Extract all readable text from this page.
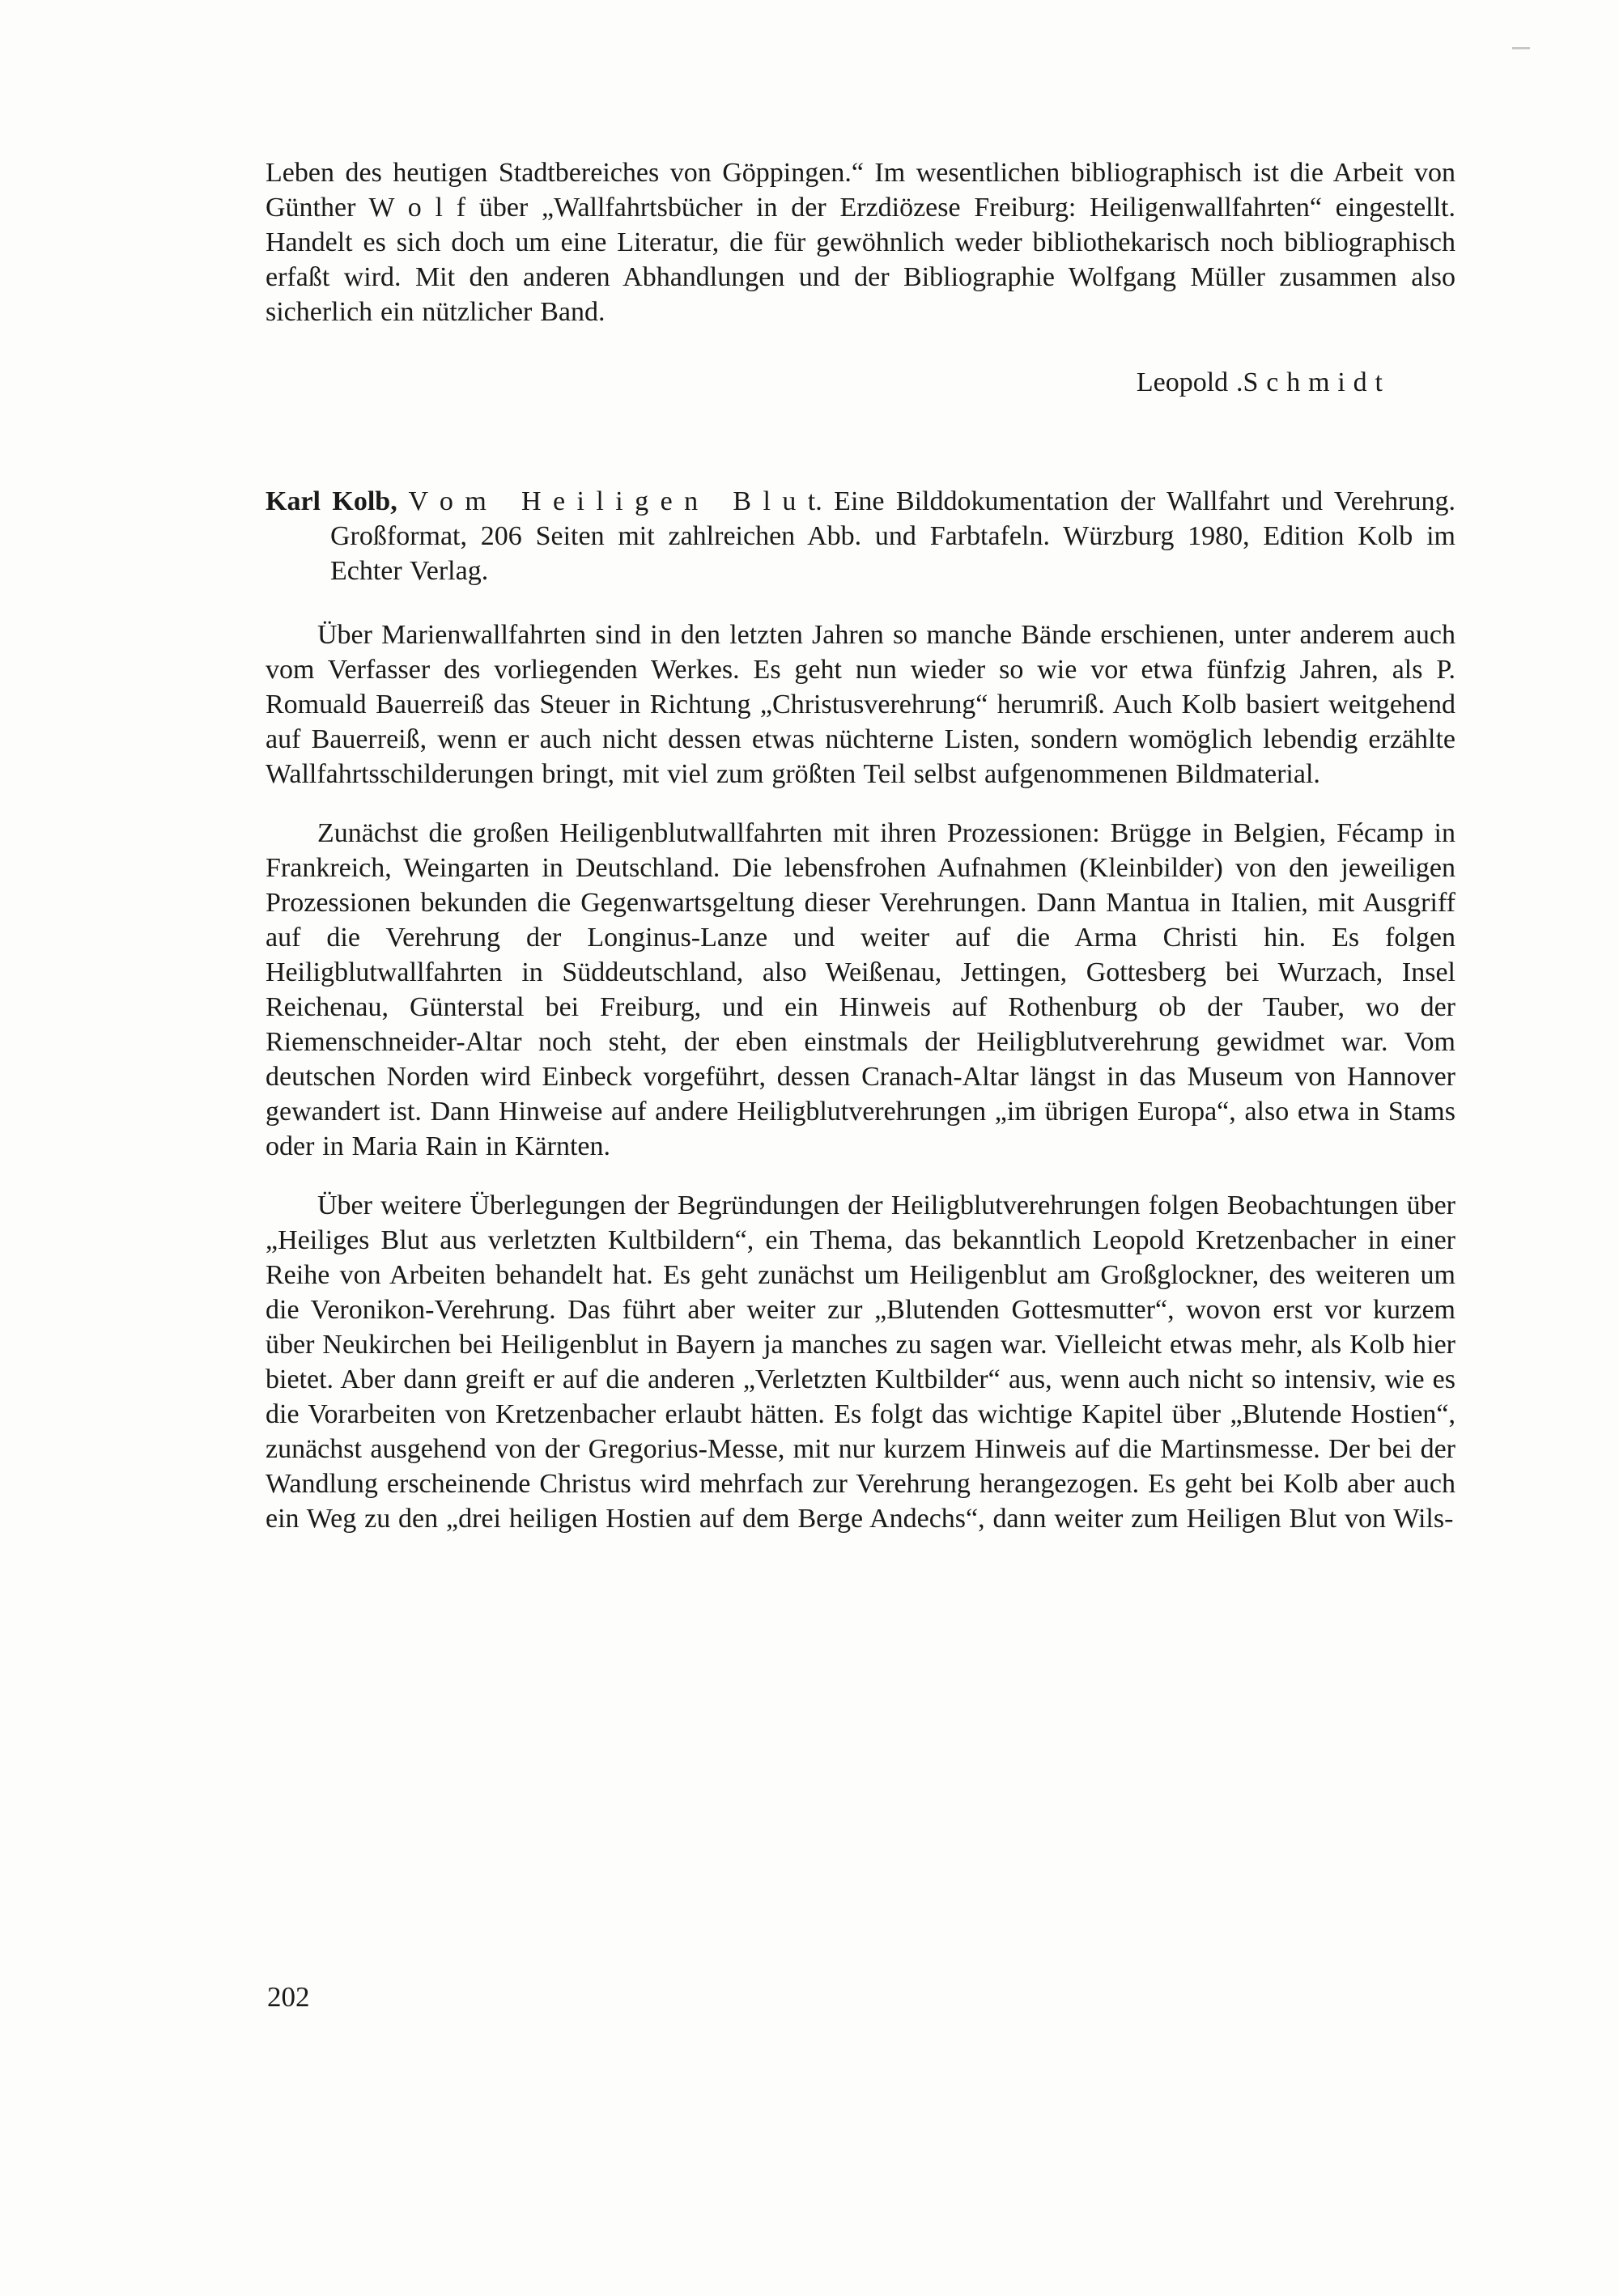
Leben des heutigen Stadtbereiches von Göppingen.“ Im wesentlichen bibliographisch ist die Arbeit von Günther W o l f über „Wallfahrtsbücher in der Erzdiözese Freiburg: Heiligenwallfahrten“ eingestellt. Handelt es sich doch um eine Literatur, die für gewöhnlich weder bibliothekarisch noch bibliographisch erfaßt wird. Mit den anderen Abhandlungen und der Bibliographie Wolfgang Müller zusammen also sicherlich ein nützlicher Band.

Leopold .S c h m i d t

Karl Kolb, V o m   H e i l i g e n   B l u t. Eine Bilddokumentation der Wallfahrt und Verehrung. Großformat, 206 Seiten mit zahlreichen Abb. und Farbtafeln. Würzburg 1980, Edition Kolb im Echter Verlag.

Über Marienwallfahrten sind in den letzten Jahren so manche Bände erschienen, unter anderem auch vom Verfasser des vorliegenden Werkes. Es geht nun wieder so wie vor etwa fünfzig Jahren, als P. Romuald Bauerreiß das Steuer in Richtung „Christusverehrung“ herumriß. Auch Kolb basiert weitgehend auf Bauerreiß, wenn er auch nicht dessen etwas nüchterne Listen, sondern womöglich lebendig erzählte Wallfahrtsschilderungen bringt, mit viel zum größten Teil selbst aufgenommenen Bildmaterial.

Zunächst die großen Heiligenblutwallfahrten mit ihren Prozessionen: Brügge in Belgien, Fécamp in Frankreich, Weingarten in Deutschland. Die lebensfrohen Aufnahmen (Kleinbilder) von den jeweiligen Prozessionen bekunden die Gegenwartsgeltung dieser Verehrungen. Dann Mantua in Italien, mit Ausgriff auf die Verehrung der Longinus-Lanze und weiter auf die Arma Christi hin. Es folgen Heiligblutwallfahrten in Süddeutschland, also Weißenau, Jettingen, Gottesberg bei Wurzach, Insel Reichenau, Günterstal bei Freiburg, und ein Hinweis auf Rothenburg ob der Tauber, wo der Riemenschneider-Altar noch steht, der eben einstmals der Heiligblutverehrung gewidmet war. Vom deutschen Norden wird Einbeck vorgeführt, dessen Cranach-Altar längst in das Museum von Hannover gewandert ist. Dann Hinweise auf andere Heiligblutverehrungen „im übrigen Europa“, also etwa in Stams oder in Maria Rain in Kärnten.

Über weitere Überlegungen der Begründungen der Heiligblutverehrungen folgen Beobachtungen über „Heiliges Blut aus verletzten Kultbildern“, ein Thema, das bekanntlich Leopold Kretzenbacher in einer Reihe von Arbeiten behandelt hat. Es geht zunächst um Heiligenblut am Großglockner, des weiteren um die Veronikon-Verehrung. Das führt aber weiter zur „Blutenden Gottesmutter“, wovon erst vor kurzem über Neukirchen bei Heiligenblut in Bayern ja manches zu sagen war. Vielleicht etwas mehr, als Kolb hier bietet. Aber dann greift er auf die anderen „Verletzten Kultbilder“ aus, wenn auch nicht so intensiv, wie es die Vorarbeiten von Kretzenbacher erlaubt hätten. Es folgt das wichtige Kapitel über „Blutende Hostien“, zunächst ausgehend von der Gregorius-Messe, mit nur kurzem Hinweis auf die Martinsmesse. Der bei der Wandlung erscheinende Christus wird mehrfach zur Verehrung herangezogen. Es geht bei Kolb aber auch ein Weg zu den „drei heiligen Hostien auf dem Berge Andechs“, dann weiter zum Heiligen Blut von Wils-

202
